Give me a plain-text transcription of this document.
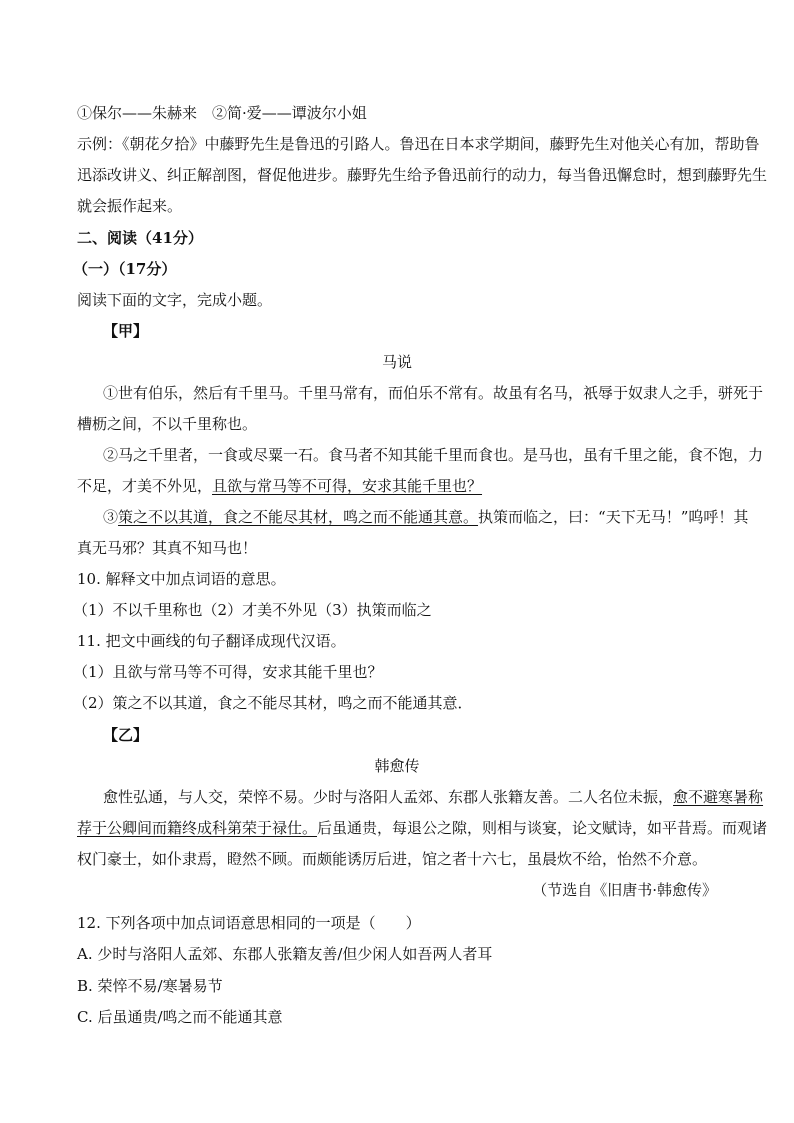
①保尔——朱赫来　②简·爱——谭波尔小姐
示例：《朝花夕拾》中藤野先生是鲁迅的引路人。鲁迅在日本求学期间，藤野先生对他关心有加，帮助鲁
迅添改讲义、纠正解剖图，督促他进步。藤野先生给予鲁迅前行的动力，每当鲁迅懈怠时，想到藤野先生
就会振作起来。
二、阅读（41分）
（一）（17分）
阅读下面的文字，完成小题。
【甲】
马说
①世有伯乐，然后有千里马。千里马常有，而伯乐不常有。故虽有名马，祇辱于奴隶人之手，骈死于
槽枥之间，不以千里称也。
②马之千里者，一食或尽粟一石。食马者不知其能千里而食也。是马也，虽有千里之能，食不饱，力
不足，才美不外见，且欲与常马等不可得，安求其能千里也？
③策之不以其道，食之不能尽其材，鸣之而不能通其意。执策而临之，曰：“天下无马！”呜呼！其
真无马邪？其真不知马也！
10. 解释文中加点词语的意思。
（1）不以千里称也（2）才美不外见（3）执策而临之
11. 把文中画线的句子翻译成现代汉语。
（1）且欲与常马等不可得，安求其能千里也？
（2）策之不以其道，食之不能尽其材，鸣之而不能通其意．
【乙】
韩愈传
愈性弘通，与人交，荣悴不易。少时与洛阳人孟郊、东郡人张籍友善。二人名位未振，愈不避寒暑称
荐于公卿间而籍终成科第荣于禄仕。后虽通贵，每退公之隙，则相与谈宴，论文赋诗，如平昔焉。而观诸
权门豪士，如仆隶焉，瞪然不顾。而颇能诱厉后进，馆之者十六七，虽晨炊不给，怡然不介意。
（节选自《旧唐书·韩愈传》
12. 下列各项中加点词语意思相同的一项是（　　）
A. 少时与洛阳人孟郊、东郡人张籍友善/但少闲人如吾两人者耳
B. 荣悴不易/寒暑易节
C. 后虽通贵/鸣之而不能通其意
